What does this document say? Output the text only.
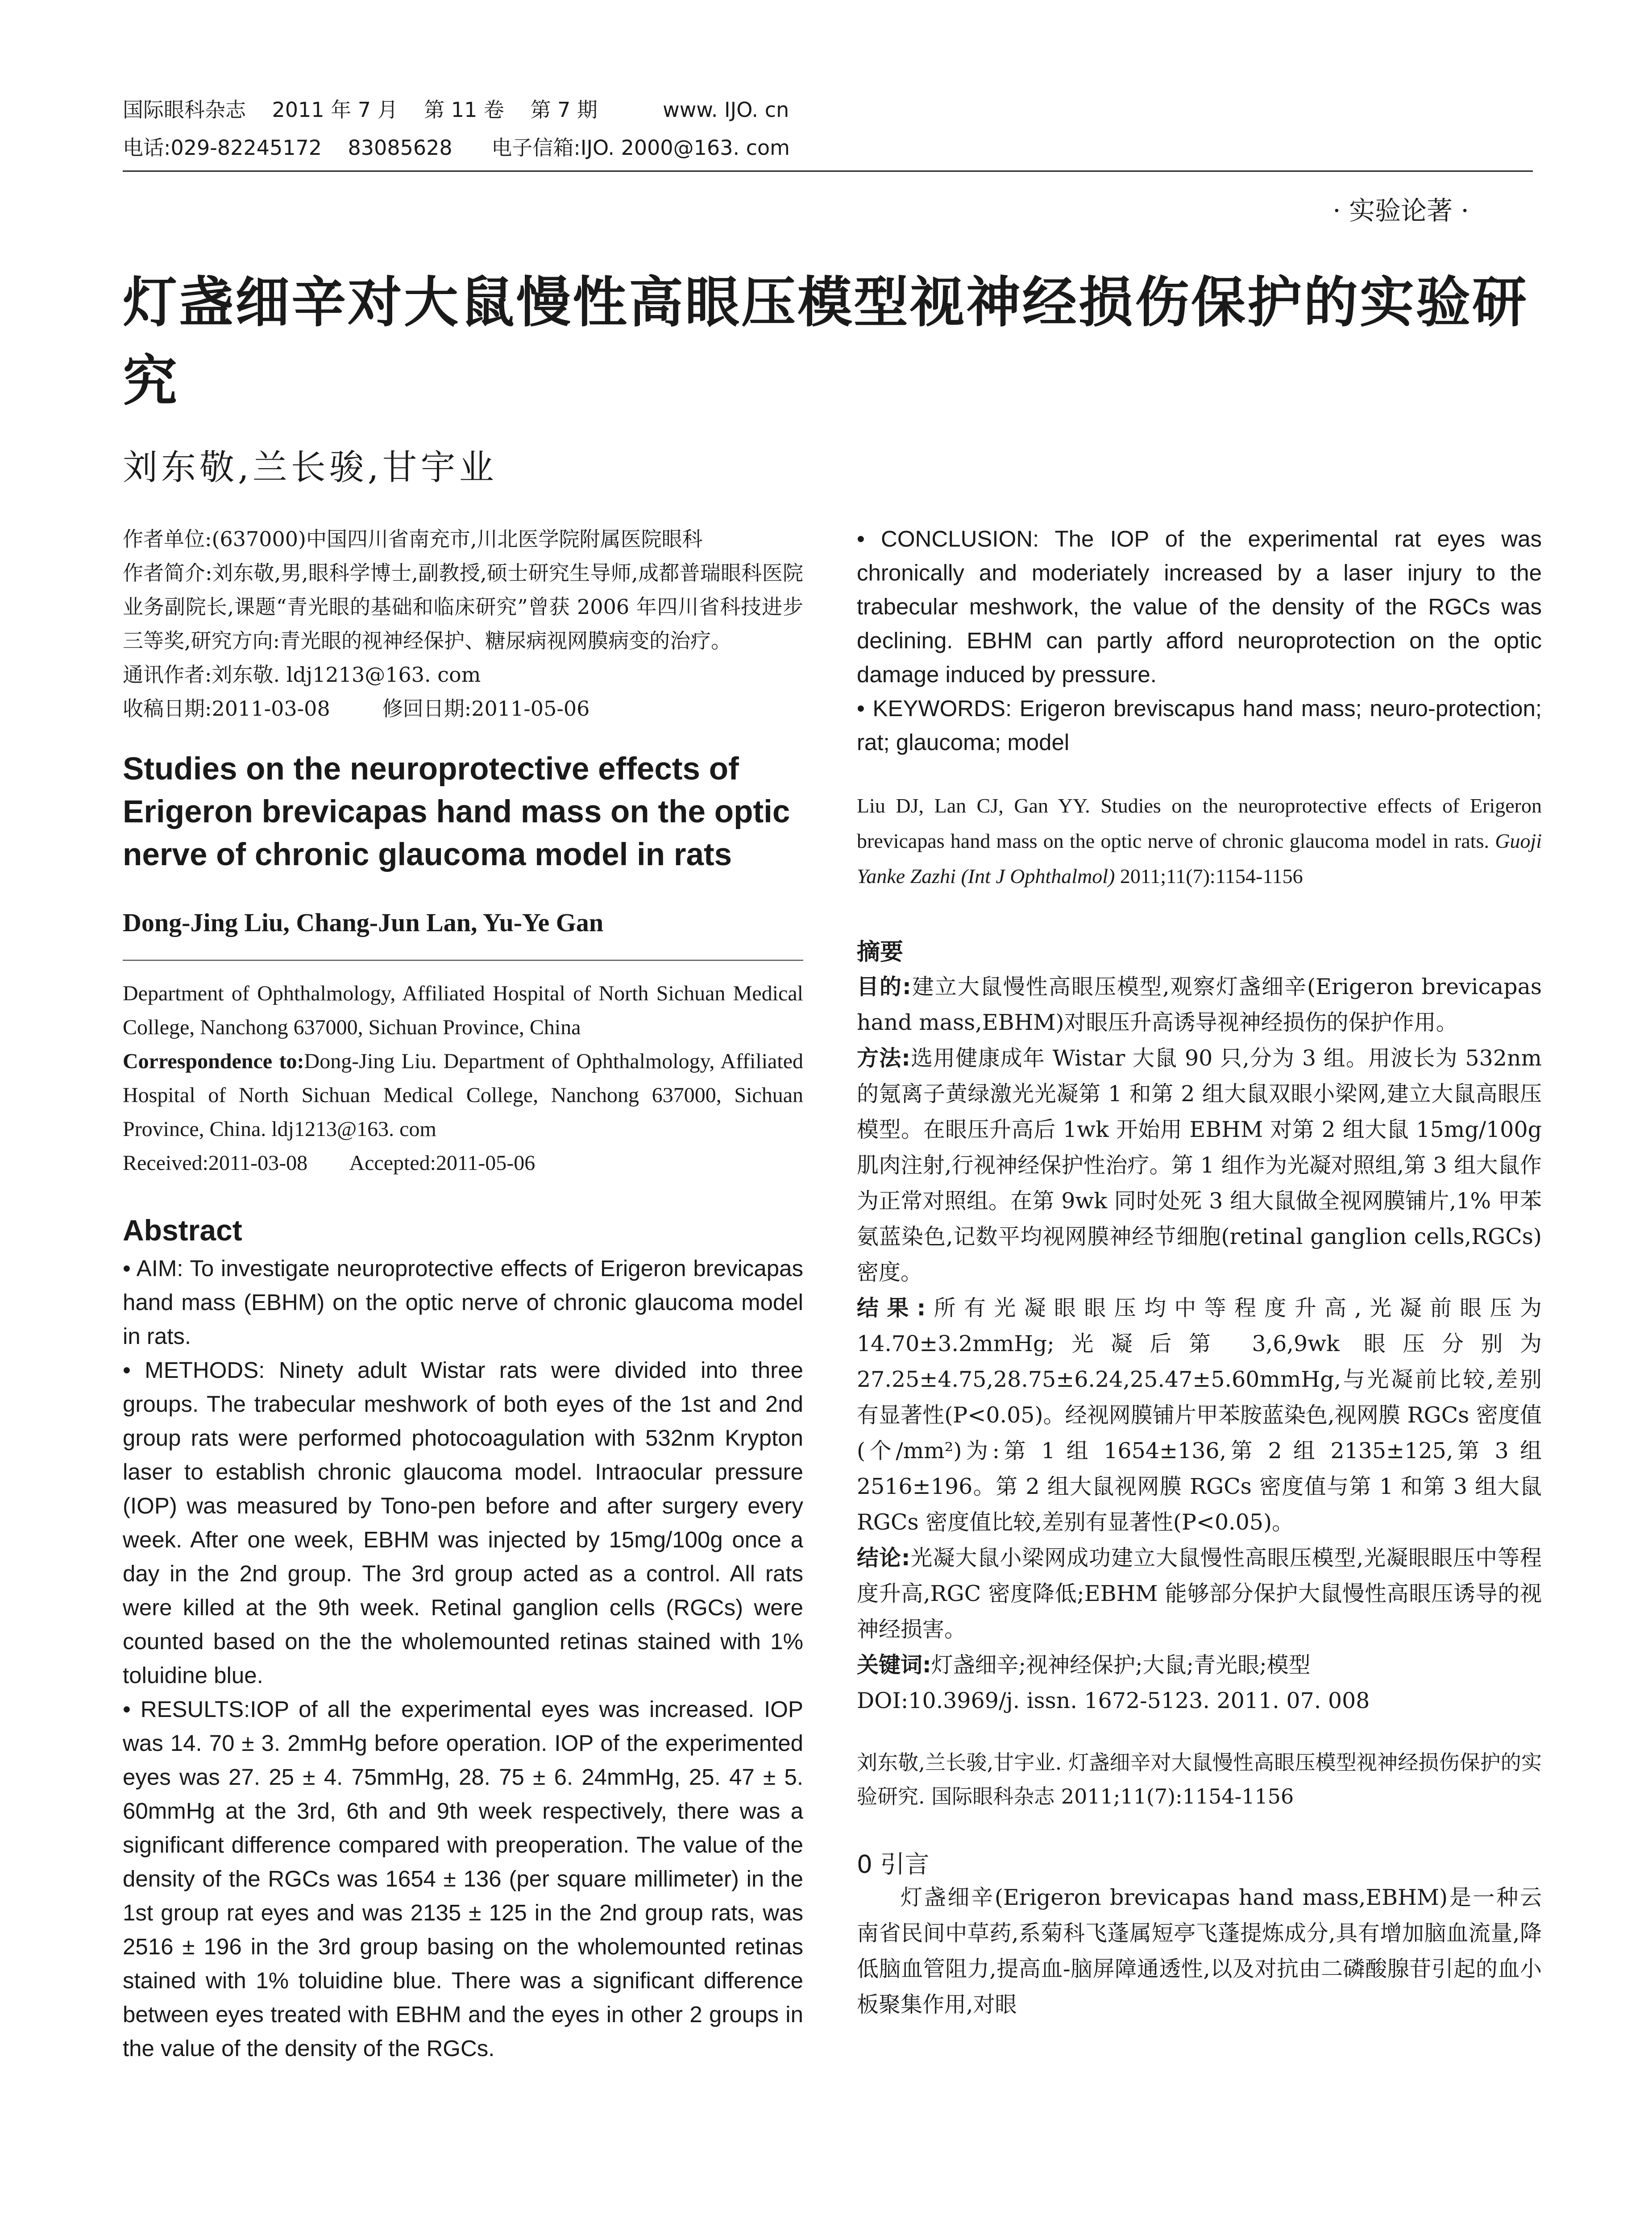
国际眼科杂志    2011 年 7 月    第 11 卷    第 7 期          www. IJO. cn
电话:029-82245172    83085628      电子信箱:IJO. 2000@163. com
· 实验论著 ·
灯盏细辛对大鼠慢性高眼压模型视神经损伤保护的实验研究
刘东敬,兰长骏,甘宇业

作者单位:(637000)中国四川省南充市,川北医学院附属医院眼科

作者简介:刘东敬,男,眼科学博士,副教授,硕士研究生导师,成都普瑞眼科医院业务副院长,课题“青光眼的基础和临床研究”曾获 2006 年四川省科技进步三等奖,研究方向:青光眼的视神经保护、糖尿病视网膜病变的治疗。

通讯作者:刘东敬. ldj1213@163. com

收稿日期:2011-03-08        修回日期:2011-05-06

Studies on the neuroprotective effects of Erigeron brevicapas hand mass on the optic nerve of chronic glaucoma model in rats
Dong-Jing Liu, Chang-Jun Lan, Yu-Ye Gan

Department of Ophthalmology, Affiliated Hospital of North Sichuan Medical College, Nanchong 637000, Sichuan Province, China

Correspondence to:Dong-Jing Liu. Department of Ophthalmology, Affiliated Hospital of North Sichuan Medical College, Nanchong 637000, Sichuan Province, China. ldj1213@163. com

Received:2011-03-08        Accepted:2011-05-06

Abstract

• AIM: To investigate neuroprotective effects of Erigeron brevicapas hand mass (EBHM) on the optic nerve of chronic glaucoma model in rats.

• METHODS: Ninety adult Wistar rats were divided into three groups. The trabecular meshwork of both eyes of the 1st and 2nd group rats were performed photocoagulation with 532nm Krypton laser to establish chronic glaucoma model. Intraocular pressure (IOP) was measured by Tono-pen before and after surgery every week. After one week, EBHM was injected by 15mg/100g once a day in the 2nd group. The 3rd group acted as a control. All rats were killed at the 9th week. Retinal ganglion cells (RGCs) were counted based on the the wholemounted retinas stained with 1% toluidine blue.

• RESULTS:IOP of all the experimental eyes was increased. IOP was 14. 70 ± 3. 2mmHg before operation. IOP of the experimented eyes was 27. 25 ± 4. 75mmHg, 28. 75 ± 6. 24mmHg, 25. 47 ± 5. 60mmHg at the 3rd, 6th and 9th week respectively, there was a significant difference compared with preoperation. The value of the density of the RGCs was 1654 ± 136 (per square millimeter) in the 1st group rat eyes and was 2135 ± 125 in the 2nd group rats, was 2516 ± 196 in the 3rd group basing on the wholemounted retinas stained with 1% toluidine blue. There was a significant difference between eyes treated with EBHM and the eyes in other 2 groups in the value of the density of the RGCs.

• CONCLUSION: The IOP of the experimental rat eyes was chronically and moderiately increased by a laser injury to the trabecular meshwork, the value of the density of the RGCs was declining. EBHM can partly afford neuroprotection on the optic damage induced by pressure.

• KEYWORDS: Erigeron breviscapus hand mass; neuro-protection; rat; glaucoma; model

Liu DJ, Lan CJ, Gan YY. Studies on the neuroprotective effects of Erigeron brevicapas hand mass on the optic nerve of chronic glaucoma model in rats. Guoji Yanke Zazhi (Int J Ophthalmol) 2011;11(7):1154-1156

摘要

目的:建立大鼠慢性高眼压模型,观察灯盏细辛(Erigeron brevicapas hand mass,EBHM)对眼压升高诱导视神经损伤的保护作用。

方法:选用健康成年 Wistar 大鼠 90 只,分为 3 组。用波长为 532nm 的氪离子黄绿激光光凝第 1 和第 2 组大鼠双眼小梁网,建立大鼠高眼压模型。在眼压升高后 1wk 开始用 EBHM 对第 2 组大鼠 15mg/100g 肌肉注射,行视神经保护性治疗。第 1 组作为光凝对照组,第 3 组大鼠作为正常对照组。在第 9wk 同时处死 3 组大鼠做全视网膜铺片,1% 甲苯氨蓝染色,记数平均视网膜神经节细胞(retinal ganglion cells,RGCs)密度。

结果:所有光凝眼眼压均中等程度升高,光凝前眼压为 14.70±3.2mmHg;光凝后第 3,6,9wk 眼压分别为 27.25±4.75,28.75±6.24,25.47±5.60mmHg,与光凝前比较,差别有显著性(P<0.05)。经视网膜铺片甲苯胺蓝染色,视网膜 RGCs 密度值(个/mm²)为:第 1 组 1654±136,第 2 组 2135±125,第 3 组 2516±196。第 2 组大鼠视网膜 RGCs 密度值与第 1 和第 3 组大鼠 RGCs 密度值比较,差别有显著性(P<0.05)。

结论:光凝大鼠小梁网成功建立大鼠慢性高眼压模型,光凝眼眼压中等程度升高,RGC 密度降低;EBHM 能够部分保护大鼠慢性高眼压诱导的视神经损害。

关键词:灯盏细辛;视神经保护;大鼠;青光眼;模型

DOI:10.3969/j. issn. 1672-5123. 2011. 07. 008

刘东敬,兰长骏,甘宇业. 灯盏细辛对大鼠慢性高眼压模型视神经损伤保护的实验研究. 国际眼科杂志 2011;11(7):1154-1156

0 引言

灯盏细辛(Erigeron brevicapas hand mass,EBHM)是一种云南省民间中草药,系菊科飞蓬属短亭飞蓬提炼成分,具有增加脑血流量,降低脑血管阻力,提高血-脑屏障通透性,以及对抗由二磷酸腺苷引起的血小板聚集作用,对眼
